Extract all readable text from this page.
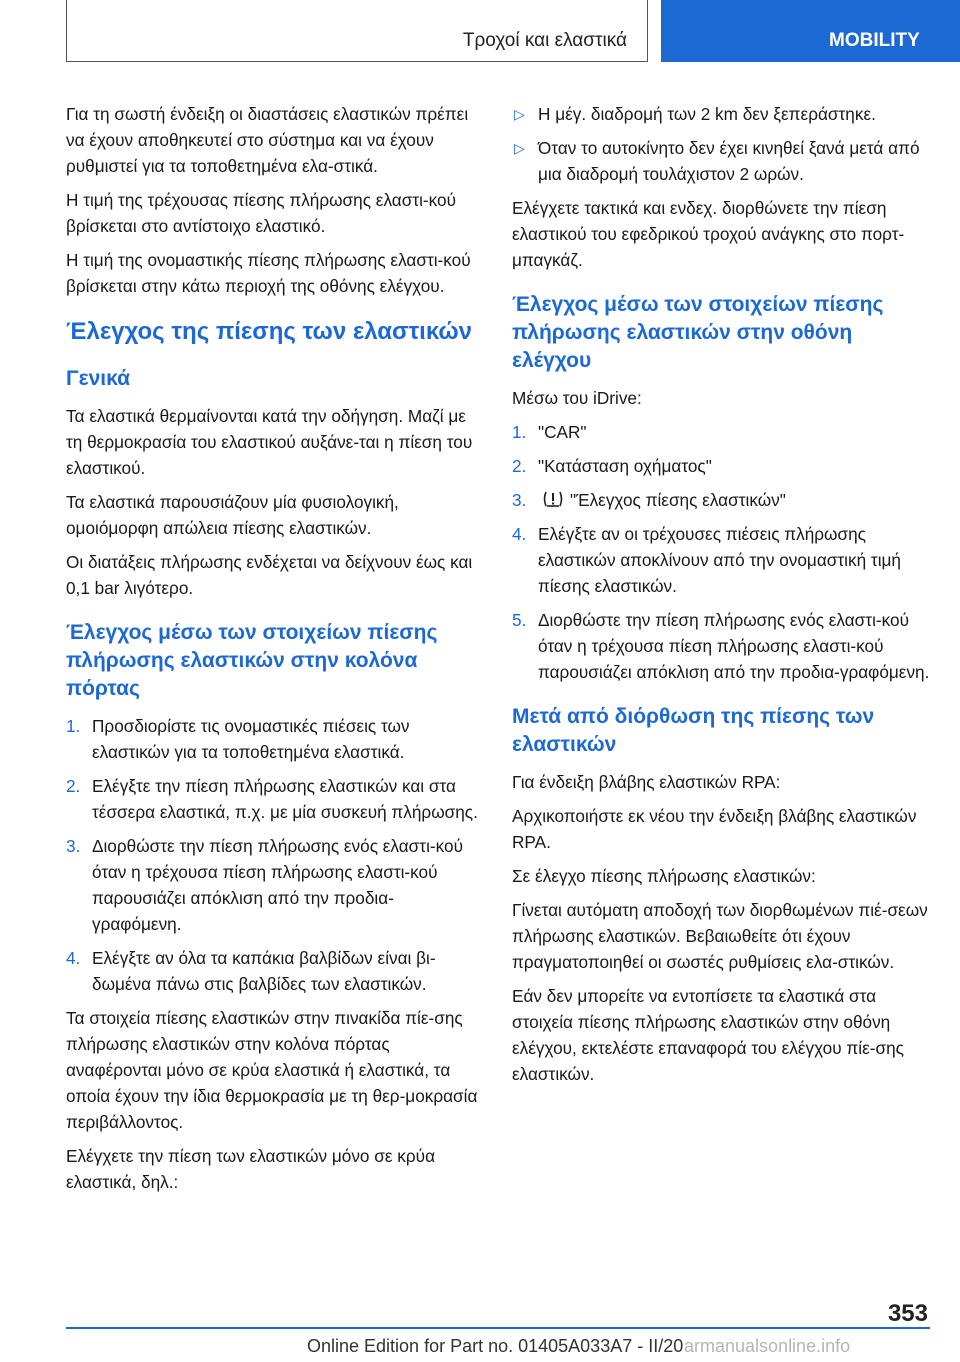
Τροχοί και ελαστικά	MOBILITY

Για τη σωστή ένδειξη οι διαστάσεις ελαστικών πρέπει να έχουν αποθηκευτεί στο σύστημα και να έχουν ρυθμιστεί για τα τοποθετημένα ελα-στικά.

Η τιμή της τρέχουσας πίεσης πλήρωσης ελαστι-κού βρίσκεται στο αντίστοιχο ελαστικό.

Η τιμή της ονομαστικής πίεσης πλήρωσης ελαστι-κού βρίσκεται στην κάτω περιοχή της οθόνης ελέγχου.

Έλεγχος της πίεσης των ελαστικών
Γενικά

Τα ελαστικά θερμαίνονται κατά την οδήγηση. Μαζί με τη θερμοκρασία του ελαστικού αυξάνε-ται η πίεση του ελαστικού.

Τα ελαστικά παρουσιάζουν μία φυσιολογική, ομοιόμορφη απώλεια πίεσης ελαστικών.

Οι διατάξεις πλήρωσης ενδέχεται να δείχνουν έως και 0,1 bar λιγότερο.

Έλεγχος μέσω των στοιχείων πίεσης πλήρωσης ελαστικών στην κολόνα πόρτας
1. Προσδιορίστε τις ονομαστικές πιέσεις των ελαστικών για τα τοποθετημένα ελαστικά.
2. Ελέγξτε την πίεση πλήρωσης ελαστικών και στα τέσσερα ελαστικά, π.χ. με μία συσκευή πλήρωσης.
3. Διορθώστε την πίεση πλήρωσης ενός ελαστι-κού όταν η τρέχουσα πίεση πλήρωσης ελαστι-κού παρουσιάζει απόκλιση από την προδια-γραφόμενη.
4. Ελέγξτε αν όλα τα καπάκια βαλβίδων είναι βι-δωμένα πάνω στις βαλβίδες των ελαστικών.

Τα στοιχεία πίεσης ελαστικών στην πινακίδα πίε-σης πλήρωσης ελαστικών στην κολόνα πόρτας αναφέρονται μόνο σε κρύα ελαστικά ή ελαστικά, τα οποία έχουν την ίδια θερμοκρασία με τη θερ-μοκρασία περιβάλλοντος.

Ελέγχετε την πίεση των ελαστικών μόνο σε κρύα ελαστικά, δηλ.:

▷ Η μέγ. διαδρομή των 2 km δεν ξεπεράστηκε.
▷ Όταν το αυτοκίνητο δεν έχει κινηθεί ξανά μετά από μια διαδρομή τουλάχιστον 2 ωρών.

Ελέγχετε τακτικά και ενδεχ. διορθώνετε την πίεση ελαστικού του εφεδρικού τροχού ανάγκης στο πορτ-μπαγκάζ.

Έλεγχος μέσω των στοιχείων πίεσης πλήρωσης ελαστικών στην οθόνη ελέγχου

Μέσω του iDrive:

1. "CAR"
2. "Κατάσταση οχήματος"
3.	"Έλεγχος πίεσης ελαστικών"
4. Ελέγξτε αν οι τρέχουσες πιέσεις πλήρωσης ελαστικών αποκλίνουν από την ονομαστική τιμή πίεσης ελαστικών.
5. Διορθώστε την πίεση πλήρωσης ενός ελαστι-κού όταν η τρέχουσα πίεση πλήρωσης ελαστι-κού παρουσιάζει απόκλιση από την προδια-γραφόμενη.
Μετά από διόρθωση της πίεσης των ελαστικών

Για ένδειξη βλάβης ελαστικών RPA:

Αρχικοποιήστε εκ νέου την ένδειξη βλάβης ελαστικών RPA.

Σε έλεγχο πίεσης πλήρωσης ελαστικών:

Γίνεται αυτόματη αποδοχή των διορθωμένων πιέ-σεων πλήρωσης ελαστικών. Βεβαιωθείτε ότι έχουν πραγματοποιηθεί οι σωστές ρυθμίσεις ελα-στικών.

Εάν δεν μπορείτε να εντοπίσετε τα ελαστικά στα στοιχεία πίεσης πλήρωσης ελαστικών στην οθόνη ελέγχου, εκτελέστε επαναφορά του ελέγχου πίε-σης ελαστικών.

353
Online Edition for Part no. 01405A033A7 - II/20 armanualsonline.info
